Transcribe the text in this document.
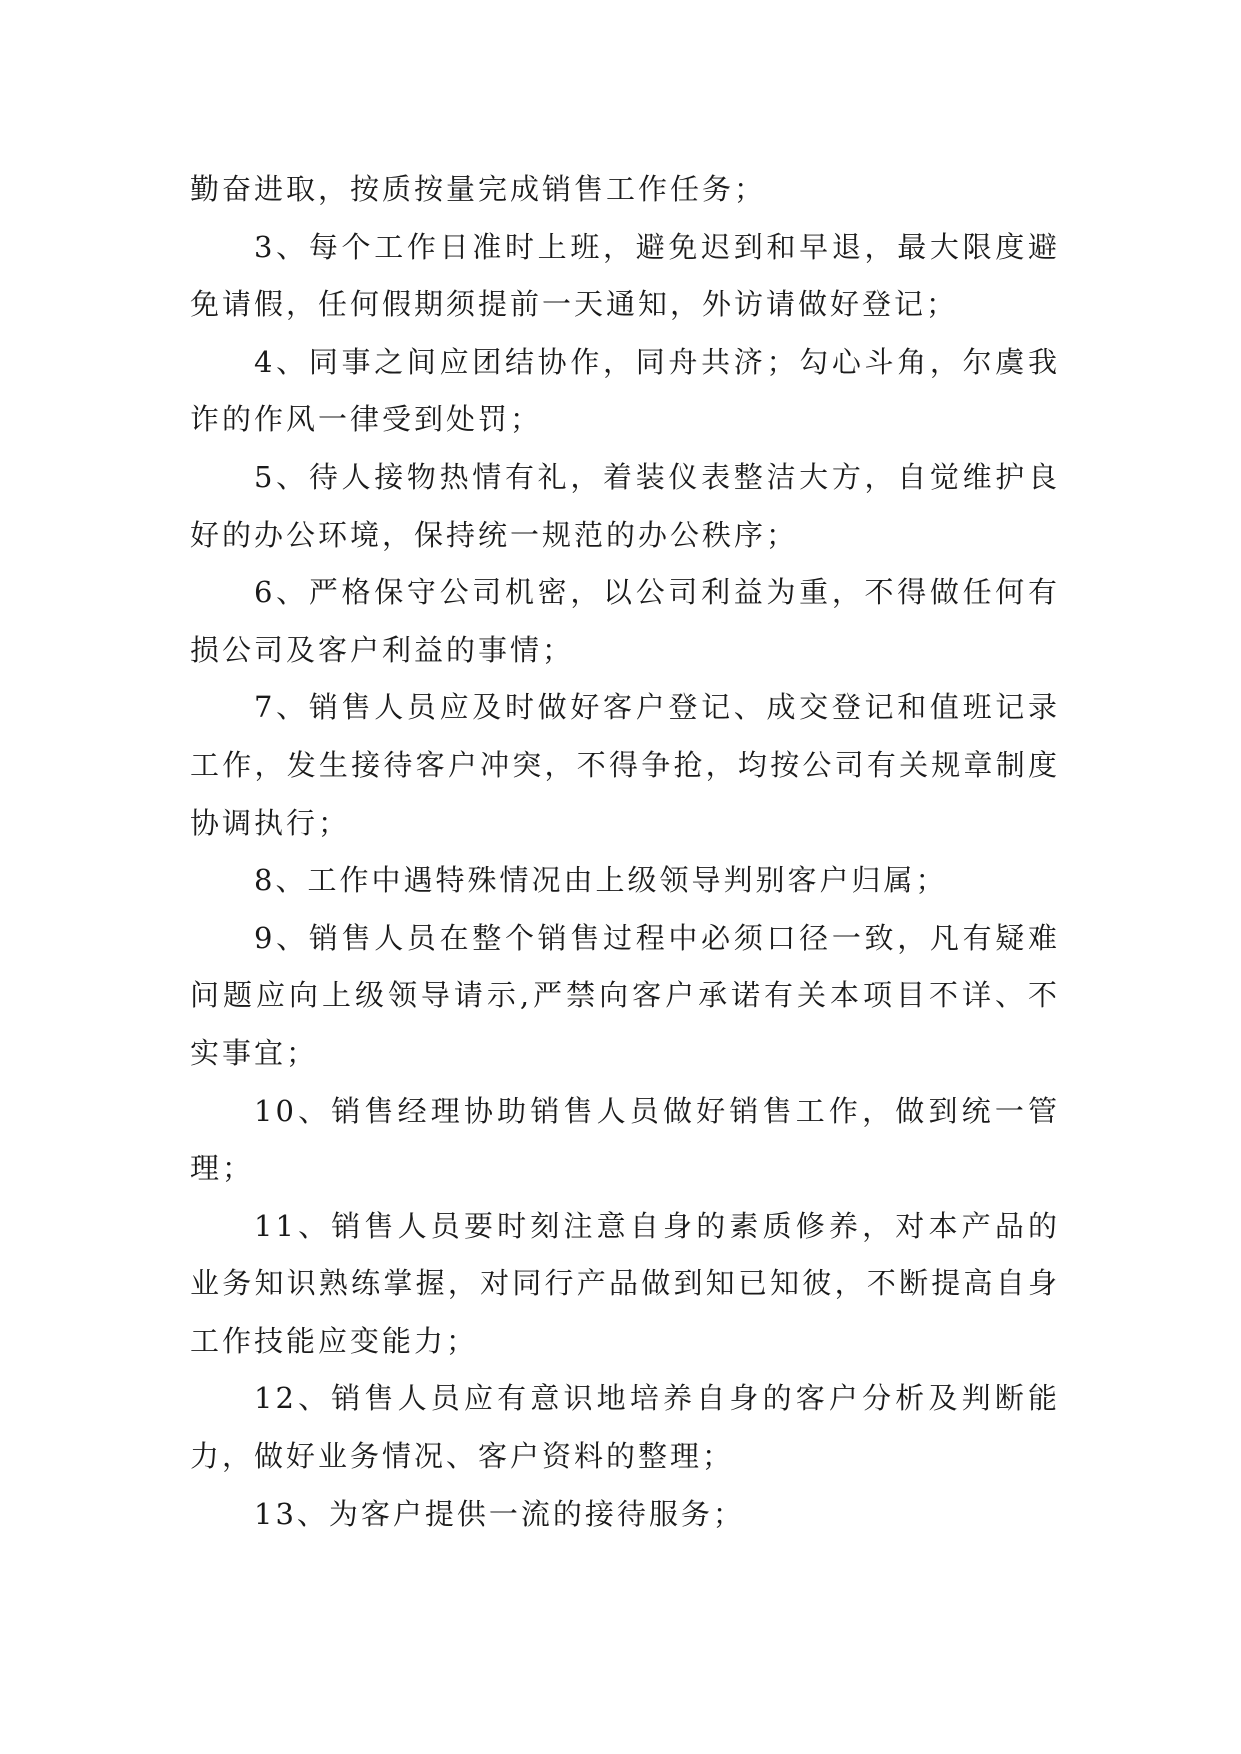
勤奋进取，按质按量完成销售工作任务；

3、每个工作日准时上班，避免迟到和早退，最大限度避免请假，任何假期须提前一天通知，外访请做好登记；

4、同事之间应团结协作，同舟共济；勾心斗角，尔虞我诈的作风一律受到处罚；

5、待人接物热情有礼，着装仪表整洁大方，自觉维护良好的办公环境，保持统一规范的办公秩序；

6、严格保守公司机密，以公司利益为重，不得做任何有损公司及客户利益的事情；

7、销售人员应及时做好客户登记、成交登记和值班记录工作，发生接待客户冲突，不得争抢，均按公司有关规章制度协调执行；

8、工作中遇特殊情况由上级领导判别客户归属；

9、销售人员在整个销售过程中必须口径一致，凡有疑难问题应向上级领导请示,严禁向客户承诺有关本项目不详、不实事宜；

10、销售经理协助销售人员做好销售工作，做到统一管理；

11、销售人员要时刻注意自身的素质修养，对本产品的业务知识熟练掌握，对同行产品做到知已知彼，不断提高自身工作技能应变能力；

12、销售人员应有意识地培养自身的客户分析及判断能力，做好业务情况、客户资料的整理；

13、为客户提供一流的接待服务；
